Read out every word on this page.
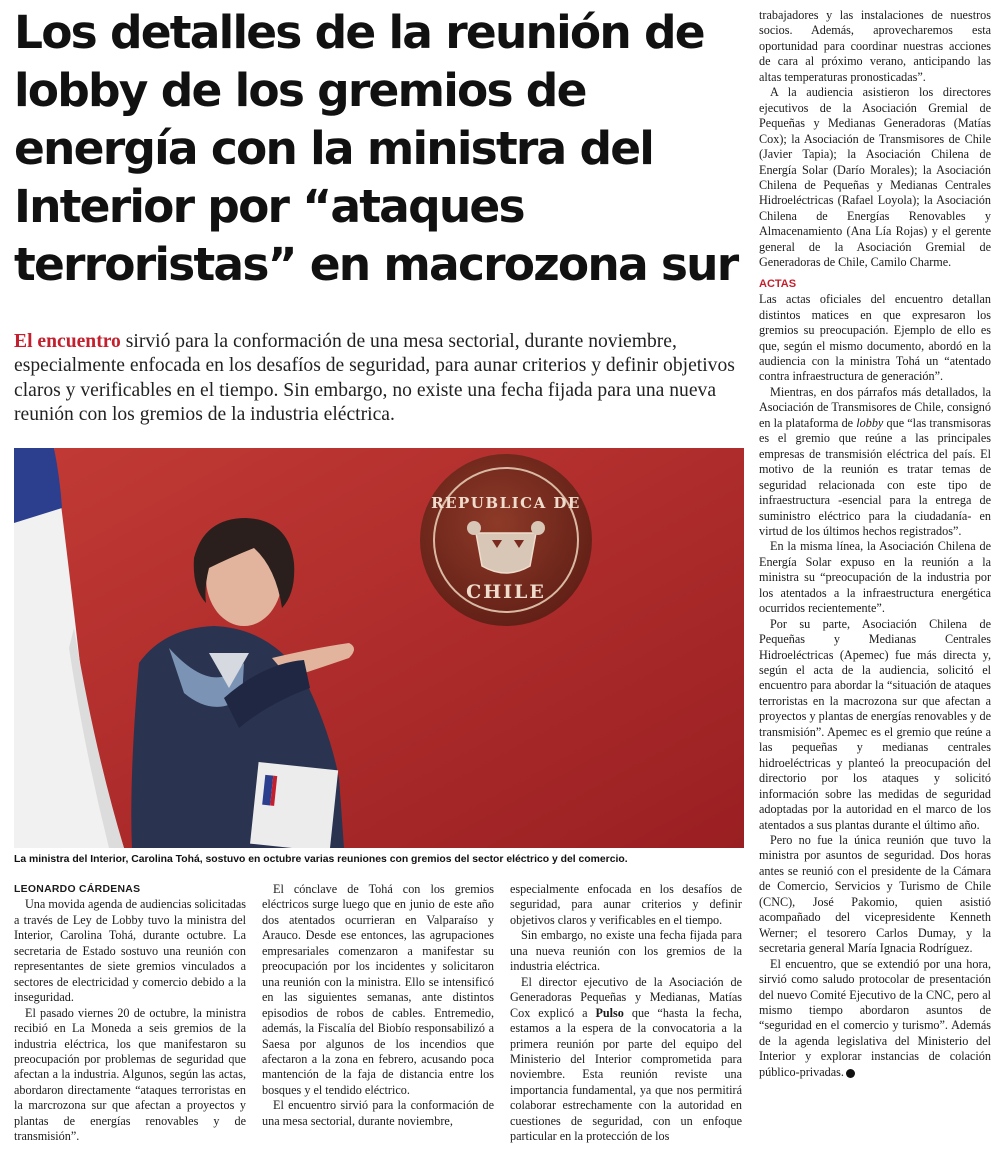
Los detalles de la reunión de
lobby de los gremios de
energía con la ministra del
Interior por “ataques
terroristas” en macrozona sur
El encuentro sirvió para la conformación de una mesa sectorial, durante noviembre, especialmente enfocada en los desafíos de seguridad, para aunar criterios y definir objetivos claros y verificables en el tiempo. Sin embargo, no existe una fecha fijada para una nueva reunión con los gremios de la industria eléctrica.
REPUBLICA DE
CHILE
La ministra del Interior, Carolina Tohá, sostuvo en octubre varias reuniones con gremios del sector eléctrico y del comercio.

LEONARDO CÁRDENAS

Una movida agenda de audiencias solicitadas a través de Ley de Lobby tuvo la ministra del Interior, Carolina Tohá, durante octubre. La secretaria de Estado sostuvo una reunión con representantes de siete gremios vinculados a sectores de electricidad y comercio debido a la inseguridad.

El pasado viernes 20 de octubre, la ministra recibió en La Moneda a seis gremios de la industria eléctrica, los que manifestaron su preocupación por problemas de seguridad que afectan a la industria. Algunos, según las actas, abordaron directamente “ataques terroristas en la marcrozona sur que afectan a proyectos y plantas de energías renovables y de transmisión”.

El cónclave de Tohá con los gremios eléctricos surge luego que en junio de este año dos atentados ocurrieran en Valparaíso y Arauco. Desde ese entonces, las agrupaciones empresariales comenzaron a manifestar su preocupación por los incidentes y solicitaron una reunión con la ministra. Ello se intensificó en las siguientes semanas, ante distintos episodios de robos de cables. Entremedio, además, la Fiscalía del Biobío responsabilizó a Saesa por algunos de los incendios que afectaron a la zona en febrero, acusando poca mantención de la faja de distancia entre los bosques y el tendido eléctrico.

El encuentro sirvió para la conformación de una mesa sectorial, durante noviembre,

especialmente enfocada en los desafíos de seguridad, para aunar criterios y definir objetivos claros y verificables en el tiempo.

Sin embargo, no existe una fecha fijada para una nueva reunión con los gremios de la industria eléctrica.

El director ejecutivo de la Asociación de Generadoras Pequeñas y Medianas, Matías Cox explicó a Pulso que “hasta la fecha, estamos a la espera de la convocatoria a la primera reunión por parte del equipo del Ministerio del Interior comprometida para noviembre. Esta reunión reviste una importancia fundamental, ya que nos permitirá colaborar estrechamente con la autoridad en cuestiones de seguridad, con un enfoque particular en la protección de los

trabajadores y las instalaciones de nuestros socios. Además, aprovecharemos esta oportunidad para coordinar nuestras acciones de cara al próximo verano, anticipando las altas temperaturas pronosticadas”.

A la audiencia asistieron los directores ejecutivos de la Asociación Gremial de Pequeñas y Medianas Generadoras (Matías Cox); la Asociación de Transmisores de Chile (Javier Tapia); la Asociación Chilena de Energía Solar (Darío Morales); la Asociación Chilena de Pequeñas y Medianas Centrales Hidroeléctricas (Rafael Loyola); la Asociación Chilena de Energías Renovables y Almacenamiento (Ana Lía Rojas) y el gerente general de la Asociación Gremial de Generadoras de Chile, Camilo Charme.

ACTAS

Las actas oficiales del encuentro detallan distintos matices en que expresaron los gremios su preocupación. Ejemplo de ello es que, según el mismo documento, abordó en la audiencia con la ministra Tohá un “atentado contra infraestructura de generación”.

Mientras, en dos párrafos más detallados, la Asociación de Transmisores de Chile, consignó en la plataforma de lobby que “las transmisoras es el gremio que reúne a las principales empresas de transmisión eléctrica del país. El motivo de la reunión es tratar temas de seguridad relacionada con este tipo de infraestructura -esencial para la entrega de suministro eléctrico para la ciudadanía- en virtud de los últimos hechos registrados”.

En la misma línea, la Asociación Chilena de Energía Solar expuso en la reunión a la ministra su “preocupación de la industria por los atentados a la infraestructura energética ocurridos recientemente”.

Por su parte, Asociación Chilena de Pequeñas y Medianas Centrales Hidroeléctricas (Apemec) fue más directa y, según el acta de la audiencia, solicitó el encuentro para abordar la “situación de ataques terroristas en la macrozona sur que afectan a proyectos y plantas de energías renovables y de transmisión”. Apemec es el gremio que reúne a las pequeñas y medianas centrales hidroeléctricas y planteó la preocupación del directorio por los ataques y solicitó información sobre las medidas de seguridad adoptadas por la autoridad en el marco de los atentados a sus plantas durante el último año.

Pero no fue la única reunión que tuvo la ministra por asuntos de seguridad. Dos horas antes se reunió con el presidente de la Cámara de Comercio, Servicios y Turismo de Chile (CNC), José Pakomio, quien asistió acompañado del vicepresidente Kenneth Werner; el tesorero Carlos Dumay, y la secretaria general María Ignacia Rodríguez.

El encuentro, que se extendió por una hora, sirvió como saludo protocolar de presentación del nuevo Comité Ejecutivo de la CNC, pero al mismo tiempo abordaron asuntos de “seguridad en el comercio y turismo”. Además de la agenda legislativa del Ministerio del Interior y explorar instancias de colación público-privadas.
